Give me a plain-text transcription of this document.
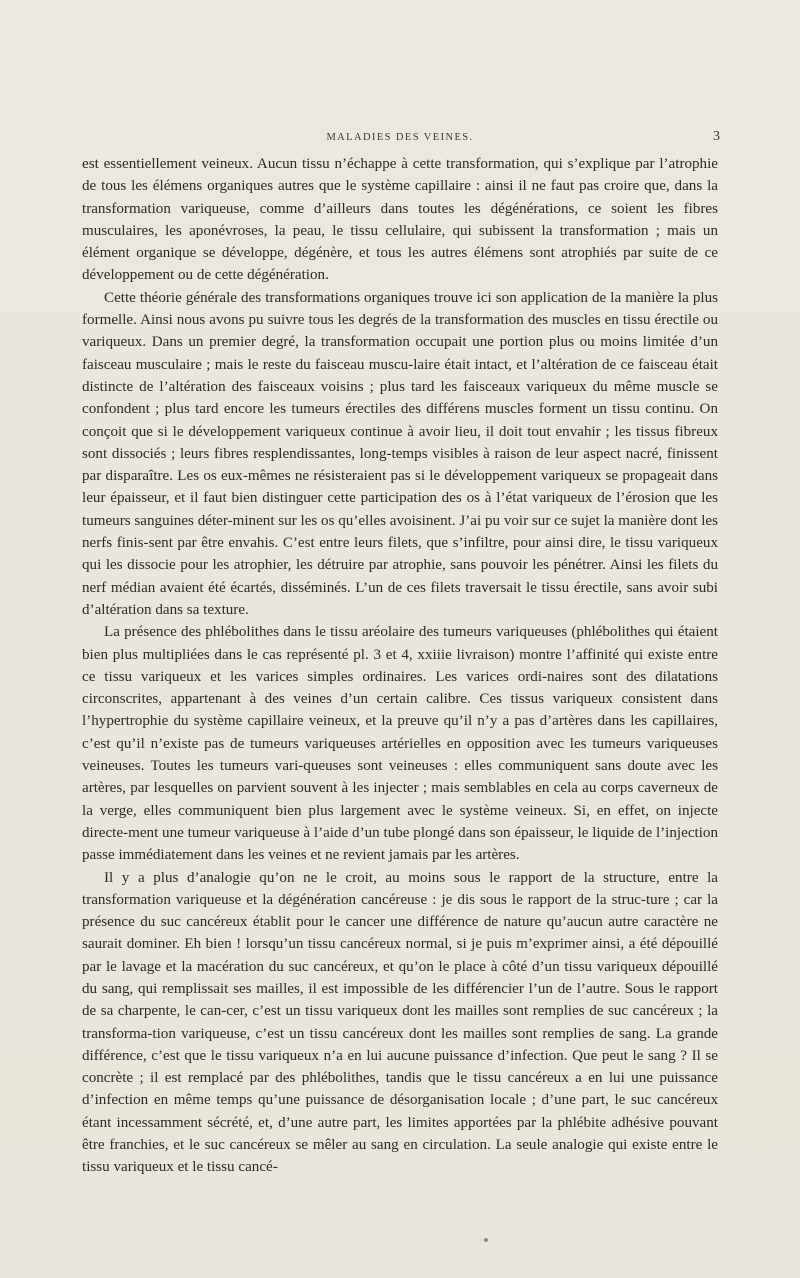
MALADIES DES VEINES.	3

est essentiellement veineux. Aucun tissu n’échappe à cette transformation, qui s’explique par l’atrophie de tous les élémens organiques autres que le système capillaire : ainsi il ne faut pas croire que, dans la transformation variqueuse, comme d’ailleurs dans toutes les dégénérations, ce soient les fibres musculaires, les aponévroses, la peau, le tissu cellulaire, qui subissent la transformation ; mais un élément organique se développe, dégénère, et tous les autres élémens sont atrophiés par suite de ce développement ou de cette dégénération.

Cette théorie générale des transformations organiques trouve ici son application de la manière la plus formelle. Ainsi nous avons pu suivre tous les degrés de la transformation des muscles en tissu érectile ou variqueux. Dans un premier degré, la transformation occupait une portion plus ou moins limitée d’un faisceau musculaire ; mais le reste du faisceau muscu-laire était intact, et l’altération de ce faisceau était distincte de l’altération des faisceaux voisins ; plus tard les faisceaux variqueux du même muscle se confondent ; plus tard encore les tumeurs érectiles des différens muscles forment un tissu continu. On conçoit que si le développement variqueux continue à avoir lieu, il doit tout envahir ; les tissus fibreux sont dissociés ; leurs fibres resplendissantes, long-temps visibles à raison de leur aspect nacré, finissent par disparaître. Les os eux-mêmes ne résisteraient pas si le développement variqueux se propageait dans leur épaisseur, et il faut bien distinguer cette participation des os à l’état variqueux de l’érosion que les tumeurs sanguines déter-minent sur les os qu’elles avoisinent. J’ai pu voir sur ce sujet la manière dont les nerfs finis-sent par être envahis. C’est entre leurs filets, que s’infiltre, pour ainsi dire, le tissu variqueux qui les dissocie pour les atrophier, les détruire par atrophie, sans pouvoir les pénétrer. Ainsi les filets du nerf médian avaient été écartés, disséminés. L’un de ces filets traversait le tissu érectile, sans avoir subi d’altération dans sa texture.

La présence des phlébolithes dans le tissu aréolaire des tumeurs variqueuses (phlébolithes qui étaient bien plus multipliées dans le cas représenté pl. 3 et 4, xxiiie livraison) montre l’affinité qui existe entre ce tissu variqueux et les varices simples ordinaires. Les varices ordi-naires sont des dilatations circonscrites, appartenant à des veines d’un certain calibre. Ces tissus variqueux consistent dans l’hypertrophie du système capillaire veineux, et la preuve qu’il n’y a pas d’artères dans les capillaires, c’est qu’il n’existe pas de tumeurs variqueuses artérielles en opposition avec les tumeurs variqueuses veineuses. Toutes les tumeurs vari-queuses sont veineuses : elles communiquent sans doute avec les artères, par lesquelles on parvient souvent à les injecter ; mais semblables en cela au corps caverneux de la verge, elles communiquent bien plus largement avec le système veineux. Si, en effet, on injecte directe-ment une tumeur variqueuse à l’aide d’un tube plongé dans son épaisseur, le liquide de l’injection passe immédiatement dans les veines et ne revient jamais par les artères.

Il y a plus d’analogie qu’on ne le croit, au moins sous le rapport de la structure, entre la transformation variqueuse et la dégénération cancéreuse : je dis sous le rapport de la struc-ture ; car la présence du suc cancéreux établit pour le cancer une différence de nature qu’aucun autre caractère ne saurait dominer. Eh bien ! lorsqu’un tissu cancéreux normal, si je puis m’exprimer ainsi, a été dépouillé par le lavage et la macération du suc cancéreux, et qu’on le place à côté d’un tissu variqueux dépouillé du sang, qui remplissait ses mailles, il est impossible de les différencier l’un de l’autre. Sous le rapport de sa charpente, le can-cer, c’est un tissu variqueux dont les mailles sont remplies de suc cancéreux ; la transforma-tion variqueuse, c’est un tissu cancéreux dont les mailles sont remplies de sang. La grande différence, c’est que le tissu variqueux n’a en lui aucune puissance d’infection. Que peut le sang ? Il se concrète ; il est remplacé par des phlébolithes, tandis que le tissu cancéreux a en lui une puissance d’infection en même temps qu’une puissance de désorganisation locale ; d’une part, le suc cancéreux étant incessamment sécrété, et, d’une autre part, les limites apportées par la phlébite adhésive pouvant être franchies, et le suc cancéreux se mêler au sang en circulation. La seule analogie qui existe entre le tissu variqueux et le tissu cancé-
